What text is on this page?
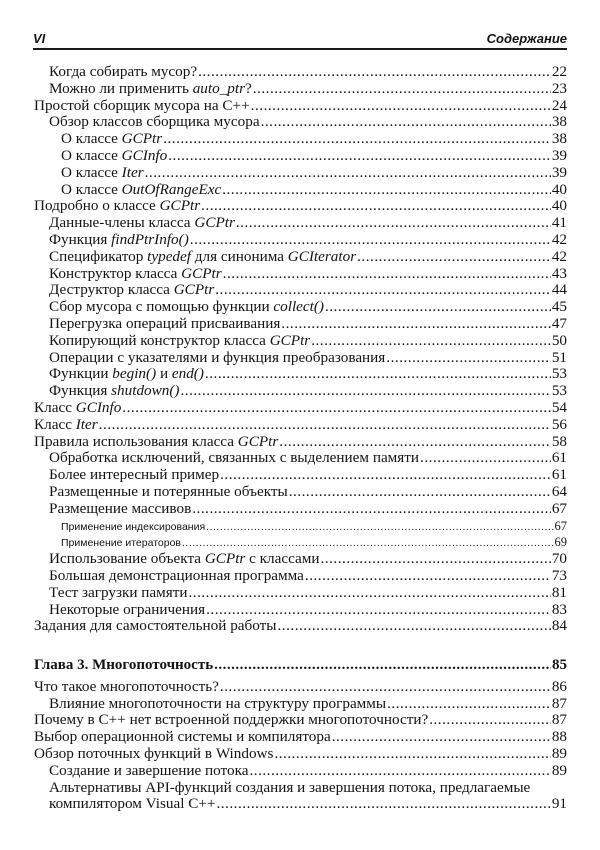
VI	Содержание
Когда собирать мусор? .....	22
Можно ли применить auto_ptr? .....	23
Простой сборщик мусора на C++ .....	24
Обзор классов сборщика мусора .....	38
О классе GCPtr .....	38
О классе GCInfo .....	39
О классе Iter .....	39
О классе OutOfRangeExc .....	40
Подробно о классе GCPtr .....	40
Данные-члены класса GCPtr .....	41
Функция findPtrInfo() .....	42
Спецификатор typedef для синонима GCIterator .....	42
Конструктор класса GCPtr .....	43
Деструктор класса GCPtr .....	44
Сбор мусора с помощью функции collect() .....	45
Перегрузка операций присваивания .....	47
Копирующий конструктор класса GCPtr .....	50
Операции с указателями и функция преобразования .....	51
Функции begin() и end() .....	53
Функция shutdown() .....	53
Класс GCInfo .....	54
Класс Iter .....	56
Правила использования класса GCPtr .....	58
Обработка исключений, связанных с выделением памяти .....	61
Более интересный пример .....	61
Размещенные и потерянные объекты .....	64
Размещение массивов .....	67
Применение индексирования .....	67
Применение итераторов .....	69
Использование объекта GCPtr с классами .....	70
Большая демонстрационная программа .....	73
Тест загрузки памяти .....	81
Некоторые ограничения .....	83
Задания для самостоятельной работы .....	84
Глава 3. Многопоточность .....	85
Что такое многопоточность? .....	86
Влияние многопоточности на структуру программы .....	87
Почему в C++ нет встроенной поддержки многопоточности? .....	87
Выбор операционной системы и компилятора .....	88
Обзор поточных функций в Windows .....	89
Создание и завершение потока .....	89
Альтернативы API-функций создания и завершения потока, предлагаемые
компилятором Visual C++ .....	91
